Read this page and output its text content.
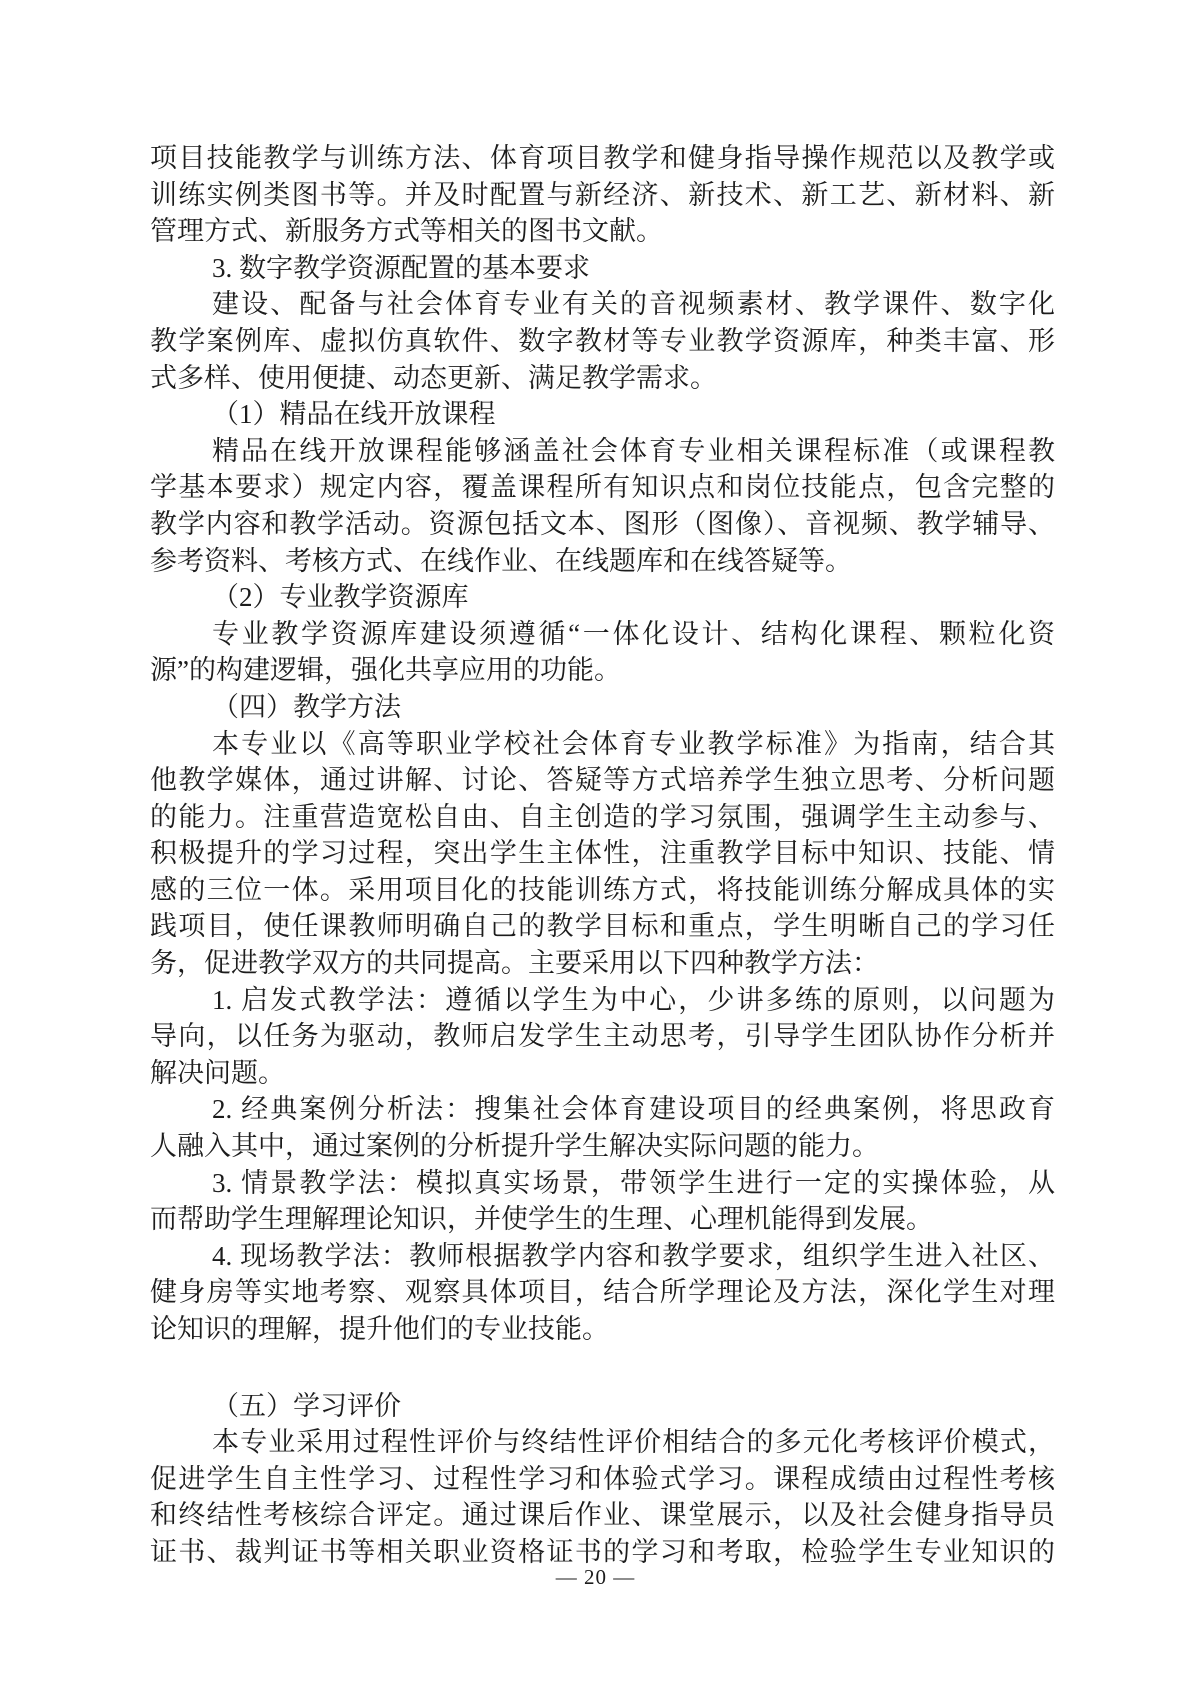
项目技能教学与训练方法、体育项目教学和健身指导操作规范以及教学或
训练实例类图书等。并及时配置与新经济、新技术、新工艺、新材料、新
管理方式、新服务方式等相关的图书文献。
3. 数字教学资源配置的基本要求
建设、配备与社会体育专业有关的音视频素材、教学课件、数字化
教学案例库、虚拟仿真软件、数字教材等专业教学资源库，种类丰富、形
式多样、使用便捷、动态更新、满足教学需求。
（1）精品在线开放课程
精品在线开放课程能够涵盖社会体育专业相关课程标准（或课程教
学基本要求）规定内容，覆盖课程所有知识点和岗位技能点，包含完整的
教学内容和教学活动。资源包括文本、图形（图像）、音视频、教学辅导、
参考资料、考核方式、在线作业、在线题库和在线答疑等。
（2）专业教学资源库
专业教学资源库建设须遵循“一体化设计、结构化课程、颗粒化资
源”的构建逻辑，强化共享应用的功能。
（四）教学方法
本专业以《高等职业学校社会体育专业教学标准》为指南，结合其
他教学媒体，通过讲解、讨论、答疑等方式培养学生独立思考、分析问题
的能力。注重营造宽松自由、自主创造的学习氛围，强调学生主动参与、
积极提升的学习过程，突出学生主体性，注重教学目标中知识、技能、情
感的三位一体。采用项目化的技能训练方式，将技能训练分解成具体的实
践项目，使任课教师明确自己的教学目标和重点，学生明晰自己的学习任
务，促进教学双方的共同提高。主要采用以下四种教学方法：
1. 启发式教学法：遵循以学生为中心，少讲多练的原则，以问题为
导向，以任务为驱动，教师启发学生主动思考，引导学生团队协作分析并
解决问题。
2. 经典案例分析法：搜集社会体育建设项目的经典案例，将思政育
人融入其中，通过案例的分析提升学生解决实际问题的能力。
3. 情景教学法：模拟真实场景，带领学生进行一定的实操体验，从
而帮助学生理解理论知识，并使学生的生理、心理机能得到发展。
4. 现场教学法：教师根据教学内容和教学要求，组织学生进入社区、
健身房等实地考察、观察具体项目，结合所学理论及方法，深化学生对理
论知识的理解，提升他们的专业技能。
（五）学习评价
本专业采用过程性评价与终结性评价相结合的多元化考核评价模式，
促进学生自主性学习、过程性学习和体验式学习。课程成绩由过程性考核
和终结性考核综合评定。通过课后作业、课堂展示，以及社会健身指导员
证书、裁判证书等相关职业资格证书的学习和考取，检验学生专业知识的
— 20 —
